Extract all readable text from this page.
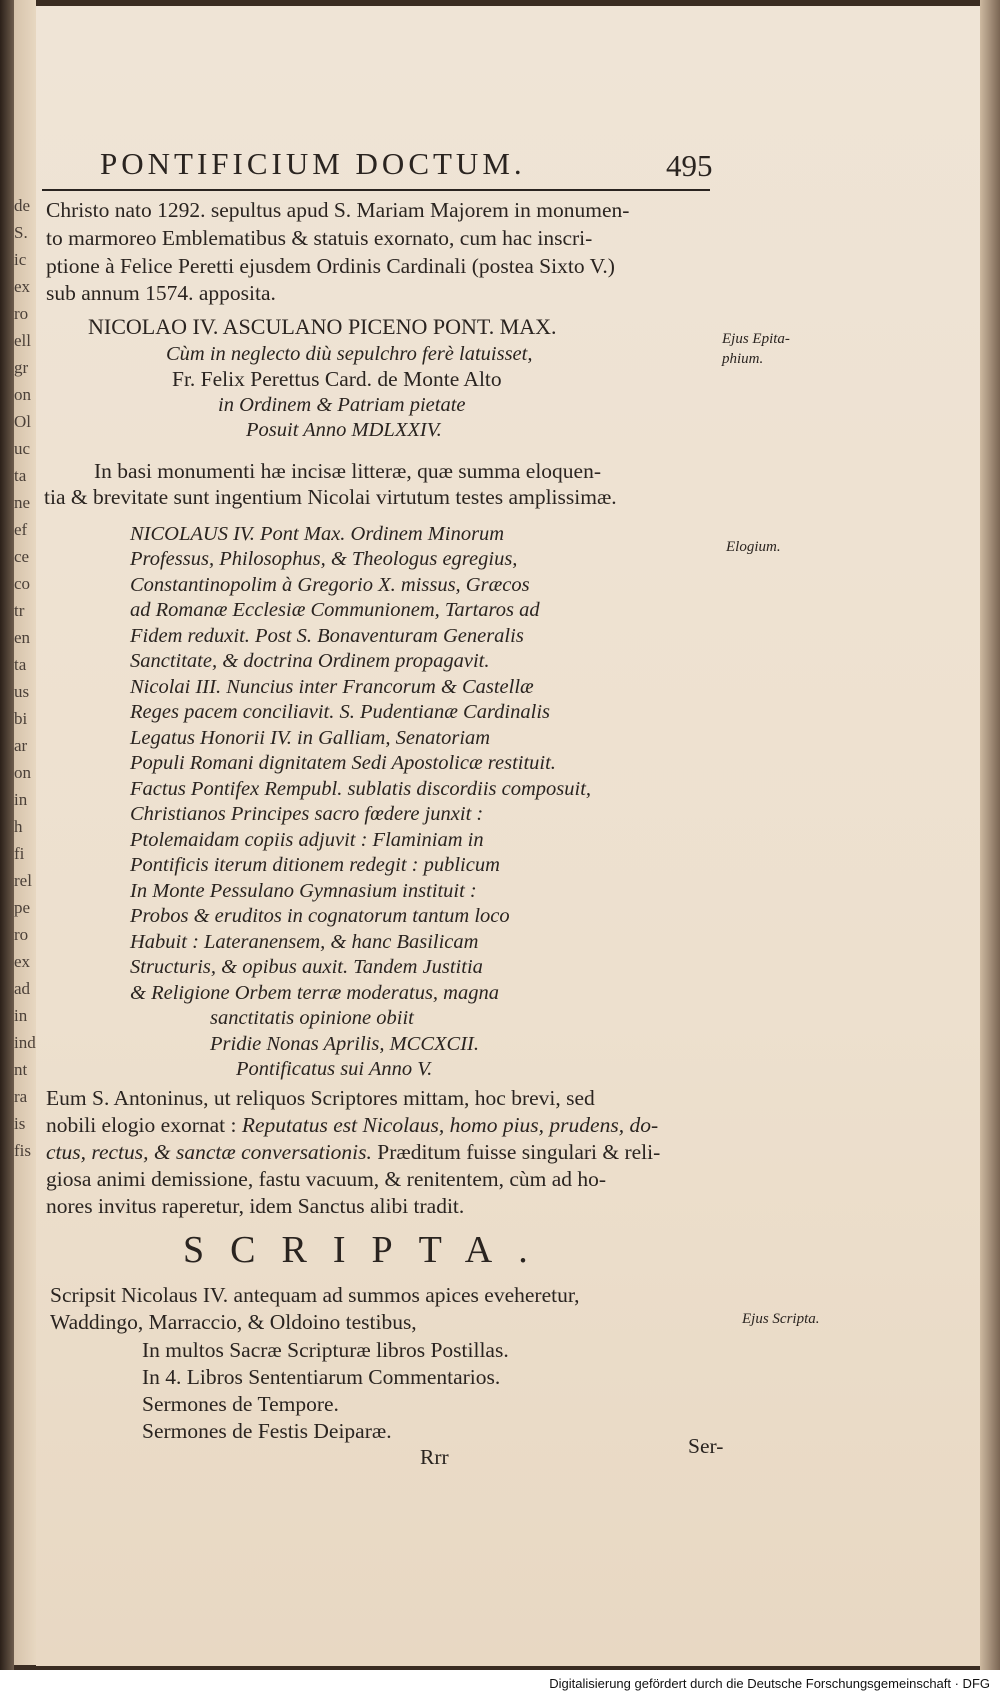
de
S.
ic
ex
ro
ell
gr
on
Ol
uc
ta
ne
ef
ce
co
tr
en
ta
us
bi
ar
on
in
h
fi
rel
pe
ro
ex
ad
in
ind
nt
ra
is
fis
PONTIFICIUM DOCTUM.	495
Christo nato 1292. sepultus apud S. Mariam Majorem in monumen-
to marmoreo Emblematibus & statuis exornato, cum hac inscri-
ptione à Felice Peretti ejusdem Ordinis Cardinali (postea Sixto V.)
sub annum 1574. apposita.
NICOLAO IV. ASCULANO PICENO PONT. MAX.
Cùm in neglecto diù sepulchro ferè latuisset,
Fr. Felix Perettus Card. de Monte Alto
in Ordinem & Patriam pietate
Posuit Anno MDLXXIV.
In basi monumenti hæ incisæ litteræ, quæ summa eloquen-
tia & brevitate sunt ingentium Nicolai virtutum testes amplissimæ.
NICOLAUS IV. Pont Max. Ordinem Minorum
Professus, Philosophus, & Theologus egregius,
Constantinopolim à Gregorio X. missus, Græcos
ad Romanæ Ecclesiæ Communionem, Tartaros ad
Fidem reduxit. Post S. Bonaventuram Generalis
Sanctitate, & doctrina Ordinem propagavit.
Nicolai III. Nuncius inter Francorum & Castellæ
Reges pacem conciliavit. S. Pudentianæ Cardinalis
Legatus Honorii IV. in Galliam, Senatoriam
Populi Romani dignitatem Sedi Apostolicæ restituit.
Factus Pontifex Rempubl. sublatis discordiis composuit,
Christianos Principes sacro fœdere junxit :
Ptolemaidam copiis adjuvit : Flaminiam in
Pontificis iterum ditionem redegit : publicum
In Monte Pessulano Gymnasium instituit :
Probos & eruditos in cognatorum tantum loco
Habuit : Lateranensem, & hanc Basilicam
Structuris, & opibus auxit. Tandem Justitia
& Religione Orbem terræ moderatus, magna
sanctitatis opinione obiit
Pridie Nonas Aprilis, MCCXCII.
Pontificatus sui Anno V.
Eum S. Antoninus, ut reliquos Scriptores mittam, hoc brevi, sed
nobili elogio exornat : Reputatus est Nicolaus, homo pius, prudens, do-
ctus, rectus, & sanctæ conversationis. Præditum fuisse singulari & reli-
giosa animi demissione, fastu vacuum, & renitentem, cùm ad ho-
nores invitus raperetur, idem Sanctus alibi tradit.
SCRIPTA.
Scripsit Nicolaus IV. antequam ad summos apices eveheretur,
Waddingo, Marraccio, & Oldoino testibus,
In multos Sacræ Scripturæ libros Postillas.
In 4. Libros Sententiarum Commentarios.
Sermones de Tempore.
Sermones de Festis Deiparæ.
Rrr	Ser-
Ejus Epita-
phium.
Elogium.
Ejus Scripta.
Digitalisierung gefördert durch die Deutsche Forschungsgemeinschaft · DFG
